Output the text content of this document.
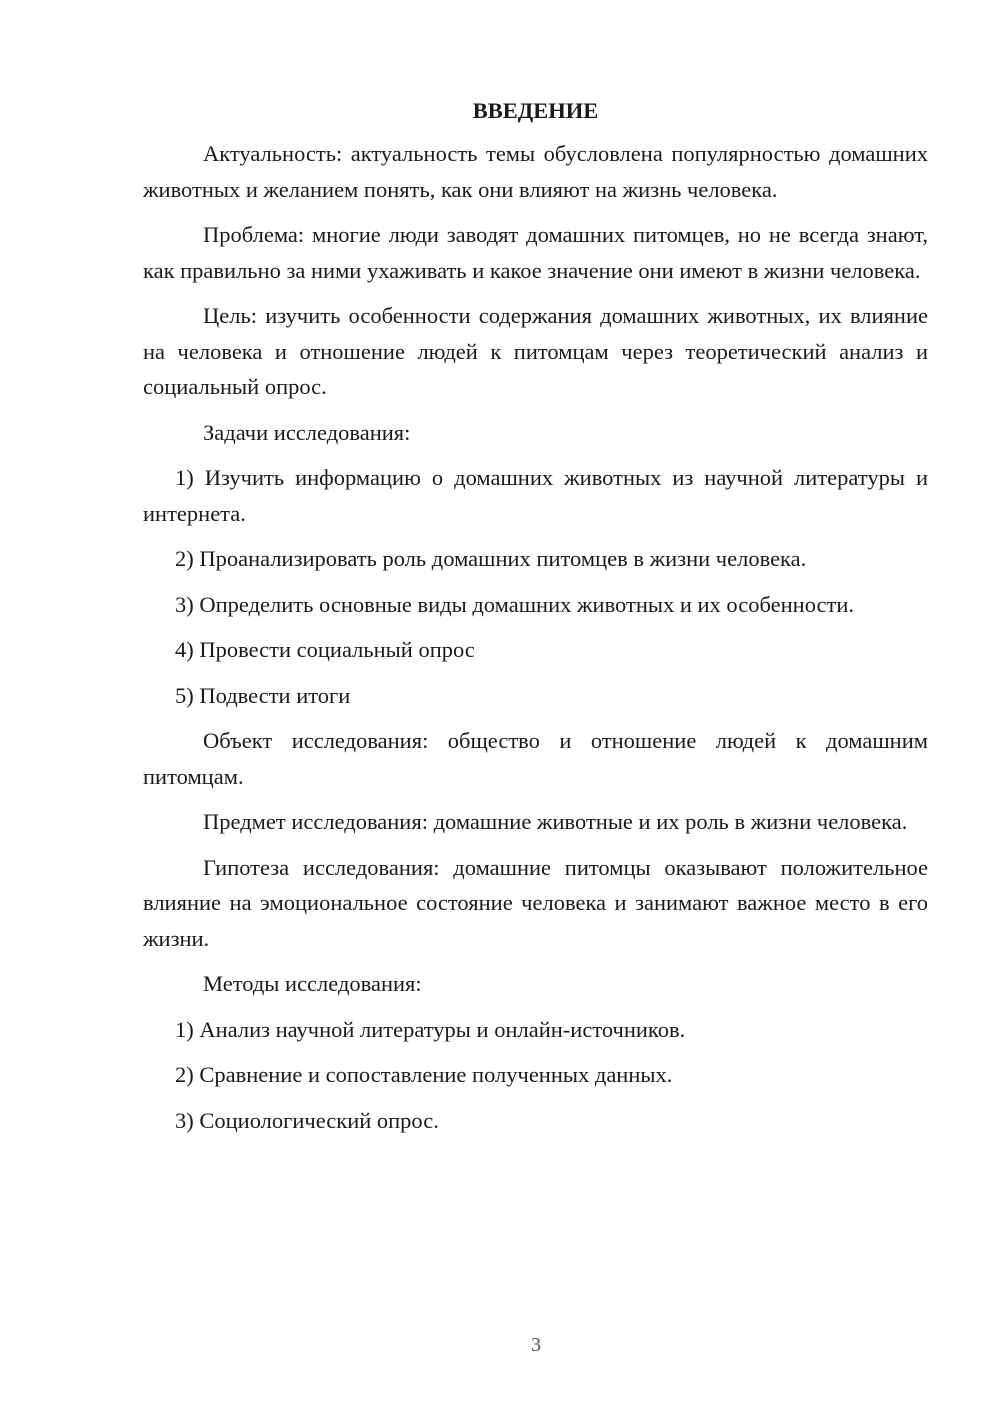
ВВЕДЕНИЕ

Актуальность: актуальность темы обусловлена популярностью домашних животных и желанием понять, как они влияют на жизнь человека.

Проблема: многие люди заводят домашних питомцев, но не всегда знают, как правильно за ними ухаживать и какое значение они имеют в жизни человека.

Цель: изучить особенности содержания домашних животных, их влияние на человека и отношение людей к питомцам через теоретический анализ и социальный опрос.

Задачи исследования:

1) Изучить информацию о домашних животных из научной литературы и интернета.

2) Проанализировать роль домашних питомцев в жизни человека.

3) Определить основные виды домашних животных и их особенности.

4) Провести социальный опрос

5) Подвести итоги

Объект исследования: общество и отношение людей к домашним питомцам.

Предмет исследования: домашние животные и их роль в жизни человека.

Гипотеза исследования: домашние питомцы оказывают положительное влияние на эмоциональное состояние человека и занимают важное место в его жизни.

Методы исследования:

1) Анализ научной литературы и онлайн-источников.

2) Сравнение и сопоставление полученных данных.

3) Социологический опрос.

3
